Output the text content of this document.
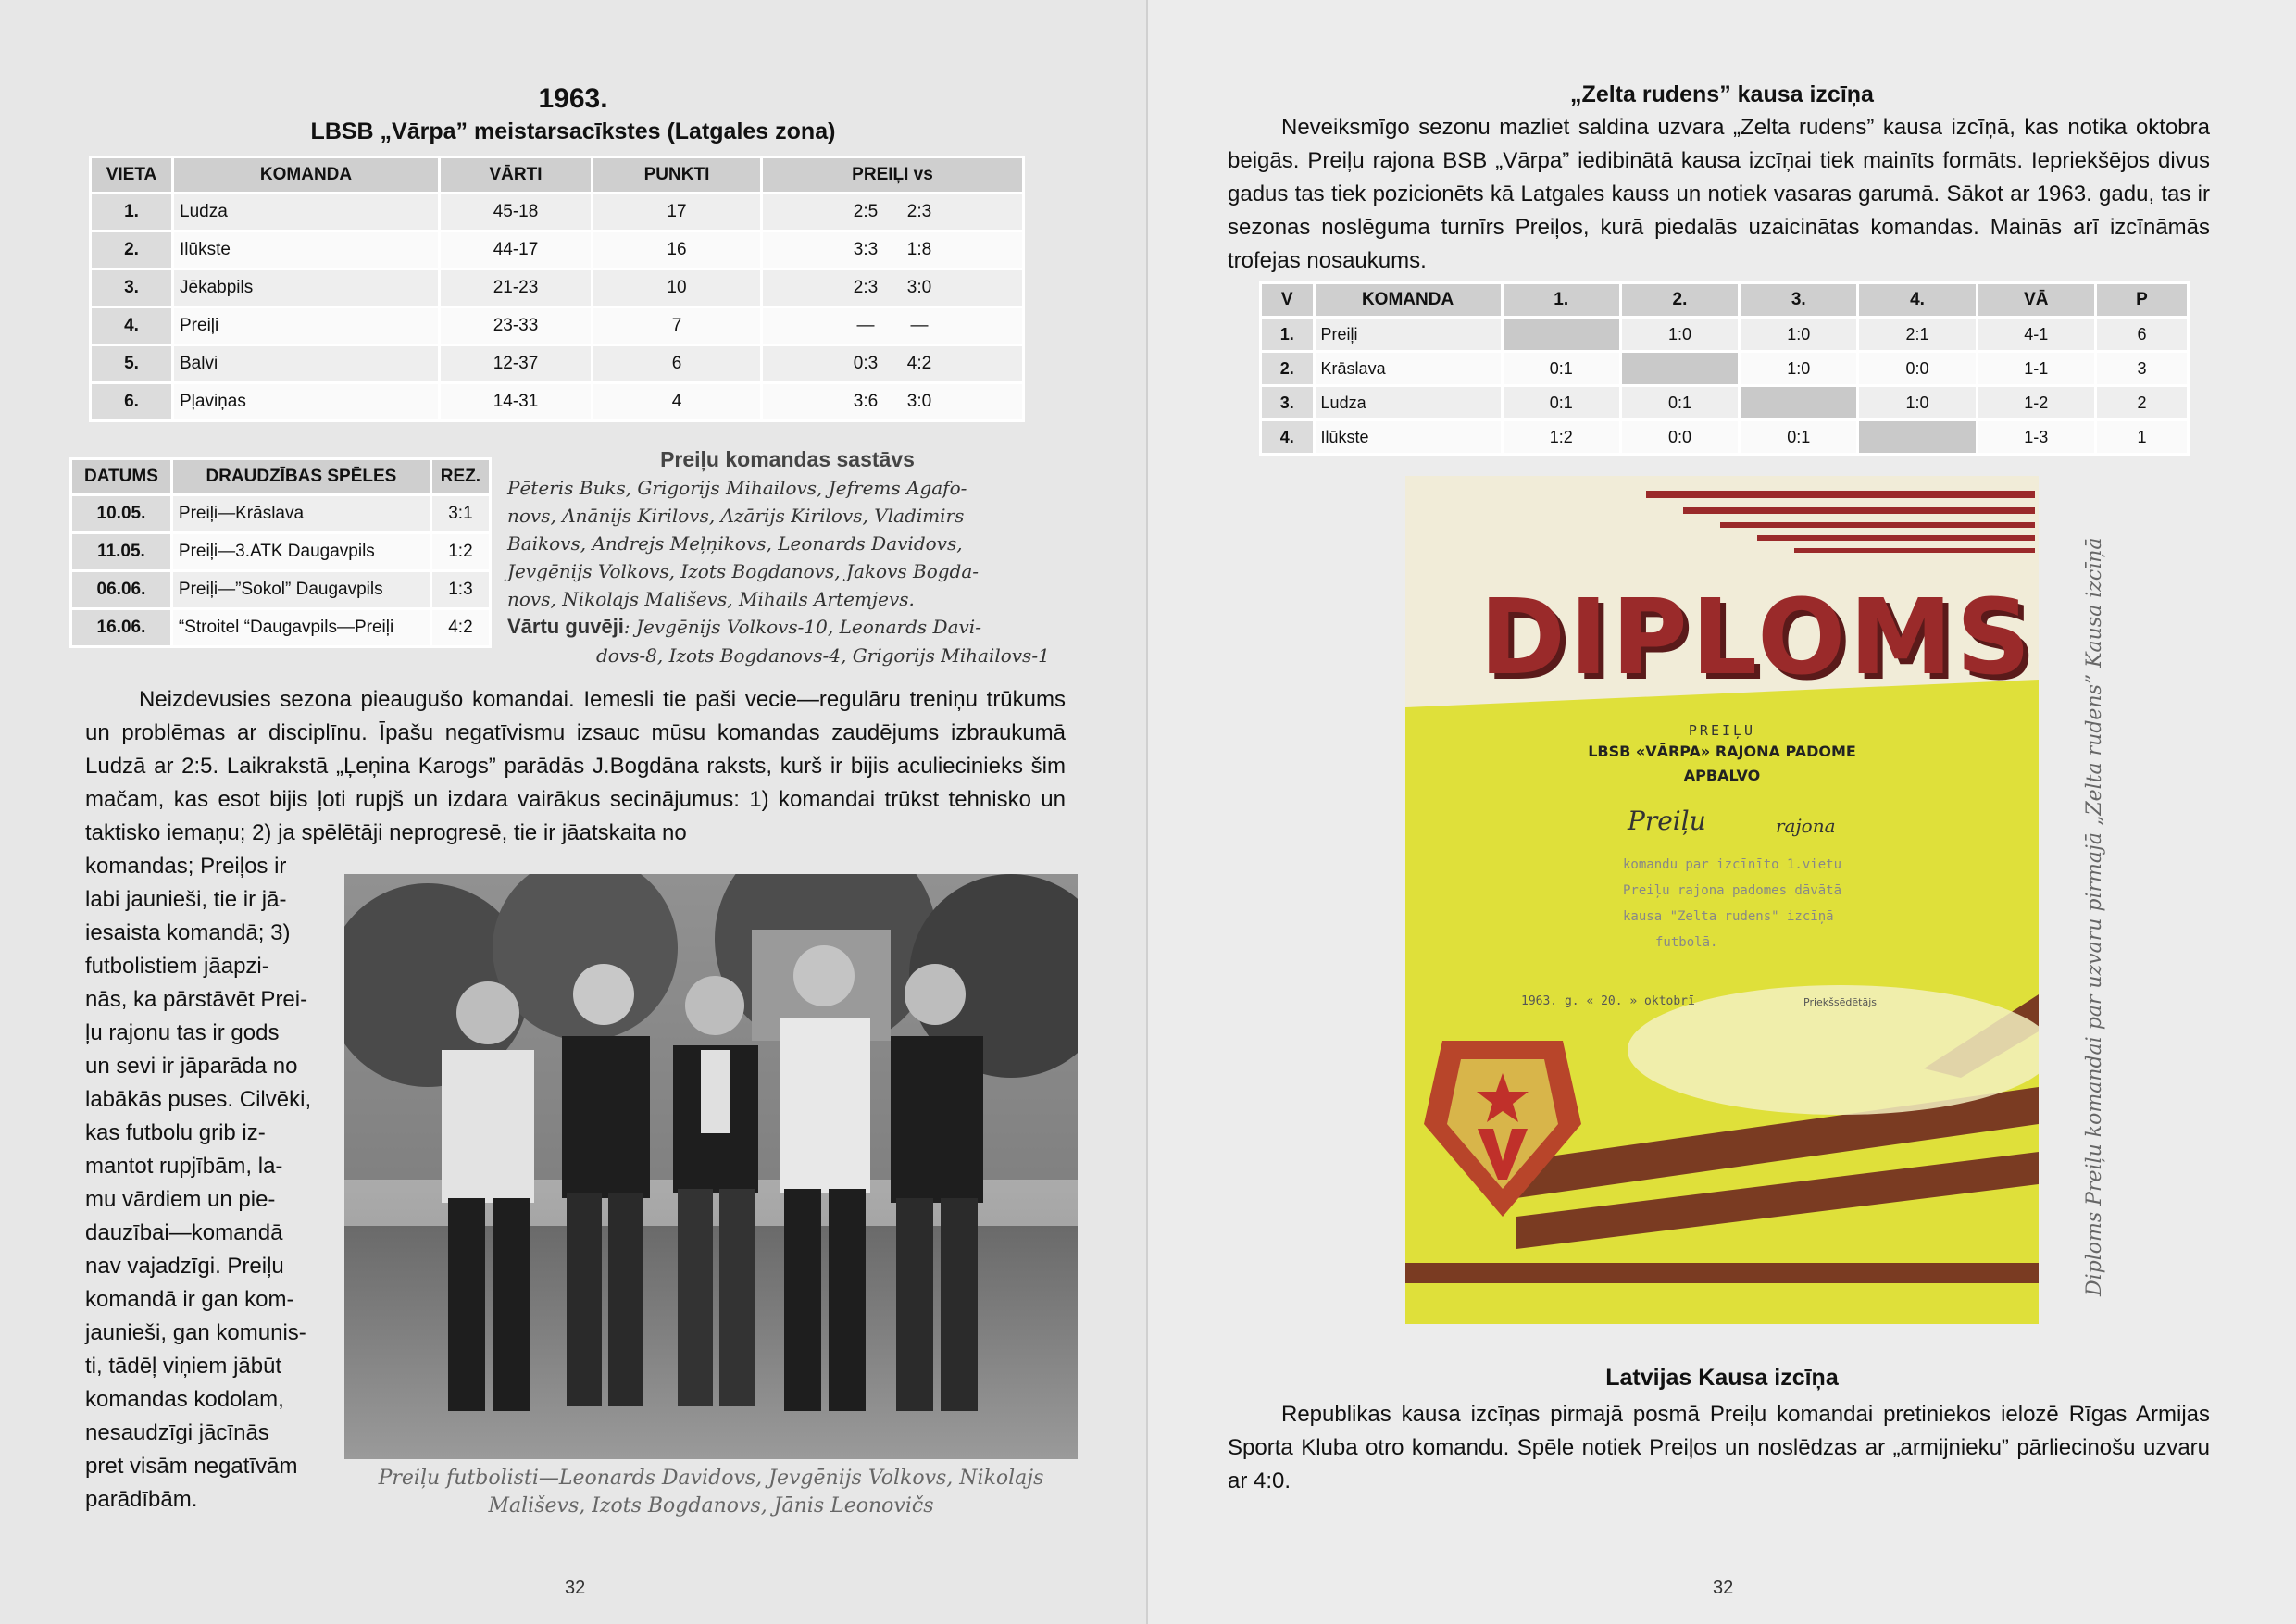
1963.
LBSB „Vārpa” meistarsacīkstes (Latgales zona)
VIETA	KOMANDA	VĀRTI	PUNKTI	PREIĻI vs
1.	Ludza	45-18	17	2:5 2:3
2.	Ilūkste	44-17	16	3:3 1:8
3.	Jēkabpils	21-23	10	2:3 3:0
4.	Preiļi	23-33	7	— —
5.	Balvi	12-37	6	0:3 4:2
6.	Pļaviņas	14-31	4	3:6 3:0
DATUMS	DRAUDZĪBAS SPĒLES	REZ.
10.05.	Preiļi—Krāslava	3:1
11.05.	Preiļi—3.ATK Daugavpils	1:2
06.06.	Preiļi—”Sokol” Daugavpils	1:3
16.06.	“Stroitel “Daugavpils—Preiļi	4:2
Preiļu komandas sastāvs
Pēteris Buks, Grigorijs Mihailovs, Jefrems Agafo-
novs, Anānijs Kirilovs, Azārijs Kirilovs, Vladimirs
Baikovs, Andrejs Meļņikovs, Leonards Davidovs,
Jevgēnijs Volkovs, Izots Bogdanovs, Jakovs Bogda-
novs, Nikolajs Mališevs, Mihails Artemjevs.
Vārtu guvēji: Jevgēnijs Volkovs-10, Leonards Davi-
dovs-8, Izots Bogdanovs-4, Grigorijs Mihailovs-1
Neizdevusies sezona pieaugušo komandai. Iemesli tie paši vecie—regulāru treniņu trūkums un problēmas ar disciplīnu. Īpašu negatīvismu izsauc mūsu komandas zaudējums izbraukumā Ludzā ar 2:5. Laikrakstā „Ļeņina Karogs” parādās J.Bogdāna raksts, kurš ir bijis aculiecinieks šim mačam, kas esot bijis ļoti rupjš un izdara vairākus secinājumus: 1) komandai trūkst tehnisko un taktisko iemaņu; 2) ja spēlētāji neprogresē, tie ir jāatskaita no
komandas; Preiļos ir
labi jaunieši, tie ir jā-
iesaista komandā; 3)
futbolistiem jāapzi-
nās, ka pārstāvēt Prei-
ļu rajonu tas ir gods
un sevi ir jāparāda no
labākās puses. Cilvēki,
kas futbolu grib iz-
mantot rupjībām, la-
mu vārdiem un pie-
dauzībai—komandā
nav vajadzīgi. Preiļu
komandā ir gan kom-
jaunieši, gan komunis-
ti, tādēļ viņiem jābūt
komandas kodolam,
nesaudzīgi jācīnās
pret visām negatīvām
parādībām.
Preiļu futbolisti—Leonards Davidovs, Jevgēnijs Volkovs, Nikolajs
Mališevs, Izots Bogdanovs, Jānis Leonovičs
32
„Zelta rudens” kausa izcīņa
Neveiksmīgo sezonu mazliet saldina uzvara „Zelta rudens” kausa izcīņā, kas notika oktobra beigās. Preiļu rajona BSB „Vārpa” iedibinātā kausa izcīņai tiek mainīts formāts. Iepriekšējos divus gadus tas tiek pozicionēts kā Latgales kauss un notiek vasaras garumā. Sākot ar 1963. gadu, tas ir sezonas noslēguma turnīrs Preiļos, kurā piedalās uzaicinātas komandas. Mainās arī izcīnāmās trofejas nosaukums.
V	KOMANDA	1.	2.	3.	4.	VĀ	P
1.	Preiļi		1:0	1:0	2:1	4-1	6
2.	Krāslava	0:1		1:0	0:0	1-1	3
3.	Ludza	0:1	0:1		1:0	1-2	2
4.	Ilūkste	1:2	0:0	0:1		1-3	1
DIPLOMS
PREIĻU
LBSB «VĀRPA» RAJONA PADOME
APBALVO
Preiļu	rajona
komandu par izcīnīto 1.vietu
Preiļu rajona padomes dāvātā
kausa "Zelta rudens" izcīņā
futbolā.
1963. g. « 20. » oktobrī	Priekšsēdētājs	Diploms Preiļu komandai par uzvaru pirmajā „Zelta rudens” Kausa izcīņā
Latvijas Kausa izcīņa
Republikas kausa izcīņas pirmajā posmā Preiļu komandai pretiniekos ielozē Rīgas Armijas Sporta Kluba otro komandu. Spēle notiek Preiļos un noslēdzas ar „armijnieku” pārliecinošu uzvaru ar 4:0.
32
